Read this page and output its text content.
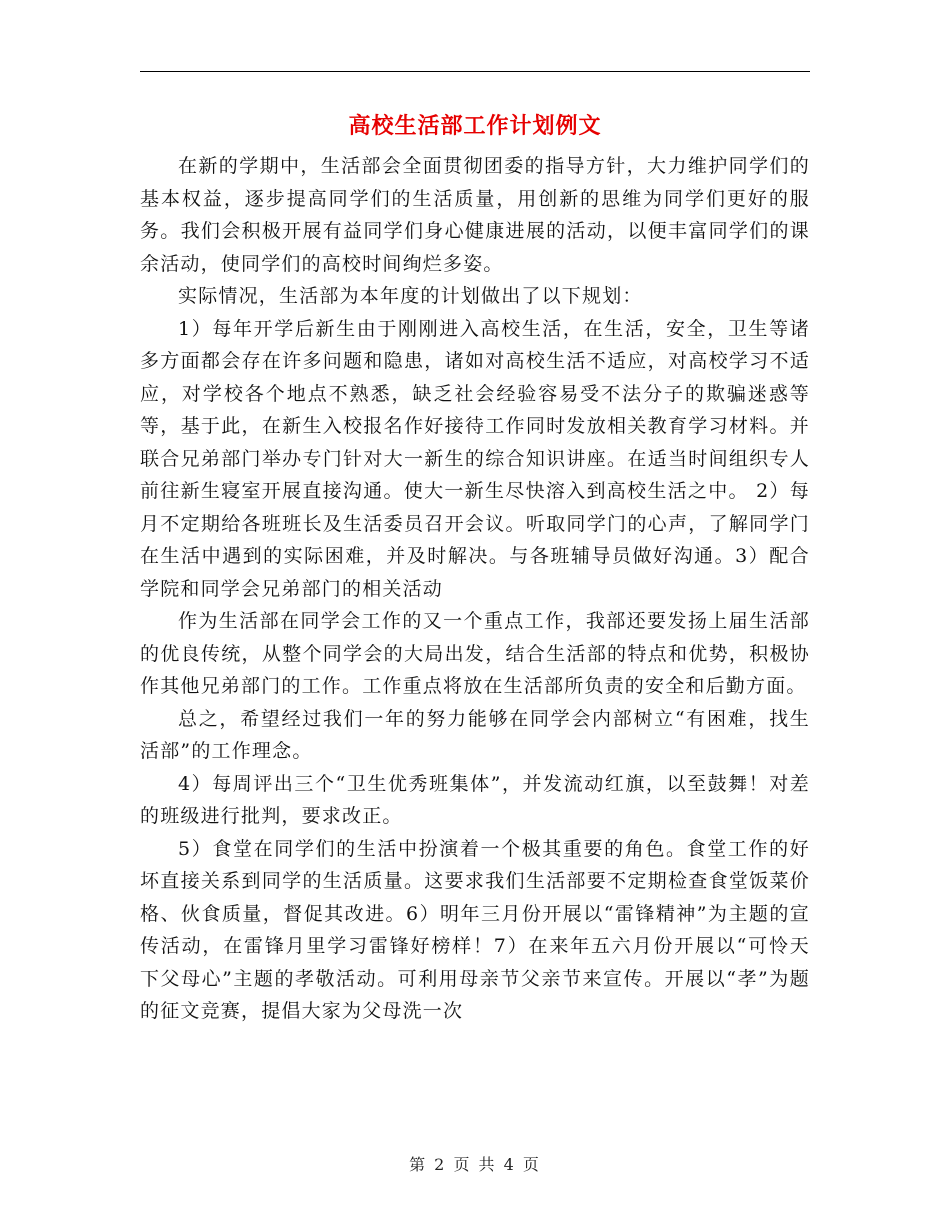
高校生活部工作计划例文

在新的学期中，生活部会全面贯彻团委的指导方针，大力维护同学们的基本权益，逐步提高同学们的生活质量，用创新的思维为同学们更好的服务。我们会积极开展有益同学们身心健康进展的活动，以便丰富同学们的课余活动，使同学们的高校时间绚烂多姿。

实际情况，生活部为本年度的计划做出了以下规划：

1）每年开学后新生由于刚刚进入高校生活，在生活，安全，卫生等诸多方面都会存在许多问题和隐患，诸如对高校生活不适应，对高校学习不适应，对学校各个地点不熟悉，缺乏社会经验容易受不法分子的欺骗迷惑等等，基于此，在新生入校报名作好接待工作同时发放相关教育学习材料。并联合兄弟部门举办专门针对大一新生的综合知识讲座。在适当时间组织专人前往新生寝室开展直接沟通。使大一新生尽快溶入到高校生活之中。 2）每月不定期给各班班长及生活委员召开会议。听取同学门的心声，了解同学门在生活中遇到的实际困难，并及时解决。与各班辅导员做好沟通。3）配合学院和同学会兄弟部门的相关活动

作为生活部在同学会工作的又一个重点工作，我部还要发扬上届生活部的优良传统，从整个同学会的大局出发，结合生活部的特点和优势，积极协作其他兄弟部门的工作。工作重点将放在生活部所负责的安全和后勤方面。

总之，希望经过我们一年的努力能够在同学会内部树立“有困难，找生活部”的工作理念。

4）每周评出三个“卫生优秀班集体”，并发流动红旗，以至鼓舞！对差的班级进行批判，要求改正。

5）食堂在同学们的生活中扮演着一个极其重要的角色。食堂工作的好坏直接关系到同学的生活质量。这要求我们生活部要不定期检查食堂饭菜价格、伙食质量，督促其改进。6）明年三月份开展以“雷锋精神”为主题的宣传活动，在雷锋月里学习雷锋好榜样！7）在来年五六月份开展以“可怜天下父母心”主题的孝敬活动。可利用母亲节父亲节来宣传。开展以“孝”为题的征文竞赛，提倡大家为父母洗一次

第 2 页 共 4 页
